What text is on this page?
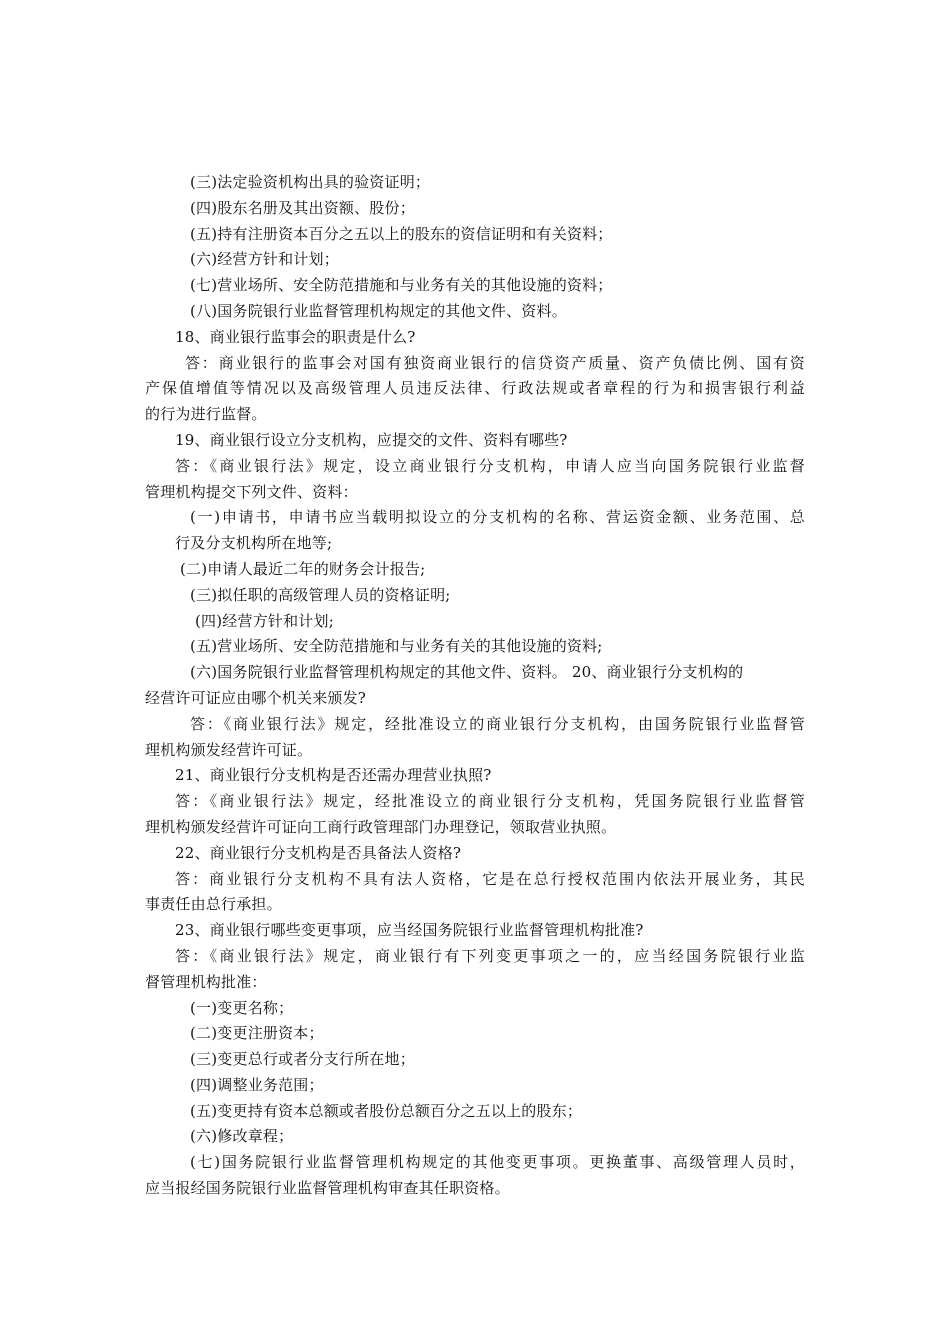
(三)法定验资机构出具的验资证明；
(四)股东名册及其出资额、股份；
(五)持有注册资本百分之五以上的股东的资信证明和有关资料；
(六)经营方针和计划；
(七)营业场所、安全防范措施和与业务有关的其他设施的资料；
(八)国务院银行业监督管理机构规定的其他文件、资料。
18、商业银行监事会的职责是什么?
答：商业银行的监事会对国有独资商业银行的信贷资产质量、资产负债比例、国有资
产保值增值等情况以及高级管理人员违反法律、行政法规或者章程的行为和损害银行利益
的行为进行监督。
19、商业银行设立分支机构，应提交的文件、资料有哪些?
答：《商业银行法》规定，设立商业银行分支机构，申请人应当向国务院银行业监督
管理机构提交下列文件、资料：
(一)申请书，申请书应当载明拟设立的分支机构的名称、营运资金额、业务范围、总
行及分支机构所在地等;
(二)申请人最近二年的财务会计报告;
(三)拟任职的高级管理人员的资格证明;
(四)经营方针和计划;
(五)营业场所、安全防范措施和与业务有关的其他设施的资料;
(六)国务院银行业监督管理机构规定的其他文件、资料。 20、商业银行分支机构的
经营许可证应由哪个机关来颁发?
答：《商业银行法》规定，经批准设立的商业银行分支机构，由国务院银行业监督管
理机构颁发经营许可证。
21、商业银行分支机构是否还需办理营业执照?
答：《商业银行法》规定，经批准设立的商业银行分支机构，凭国务院银行业监督管
理机构颁发经营许可证向工商行政管理部门办理登记，领取营业执照。
22、商业银行分支机构是否具备法人资格?
答：商业银行分支机构不具有法人资格，它是在总行授权范围内依法开展业务，其民
事责任由总行承担。
23、商业银行哪些变更事项，应当经国务院银行业监督管理机构批准?
答：《商业银行法》规定，商业银行有下列变更事项之一的，应当经国务院银行业监
督管理机构批准：
(一)变更名称；
(二)变更注册资本；
(三)变更总行或者分支行所在地；
(四)调整业务范围；
(五)变更持有资本总额或者股份总额百分之五以上的股东；
(六)修改章程；
(七)国务院银行业监督管理机构规定的其他变更事项。更换董事、高级管理人员时，
应当报经国务院银行业监督管理机构审查其任职资格。
